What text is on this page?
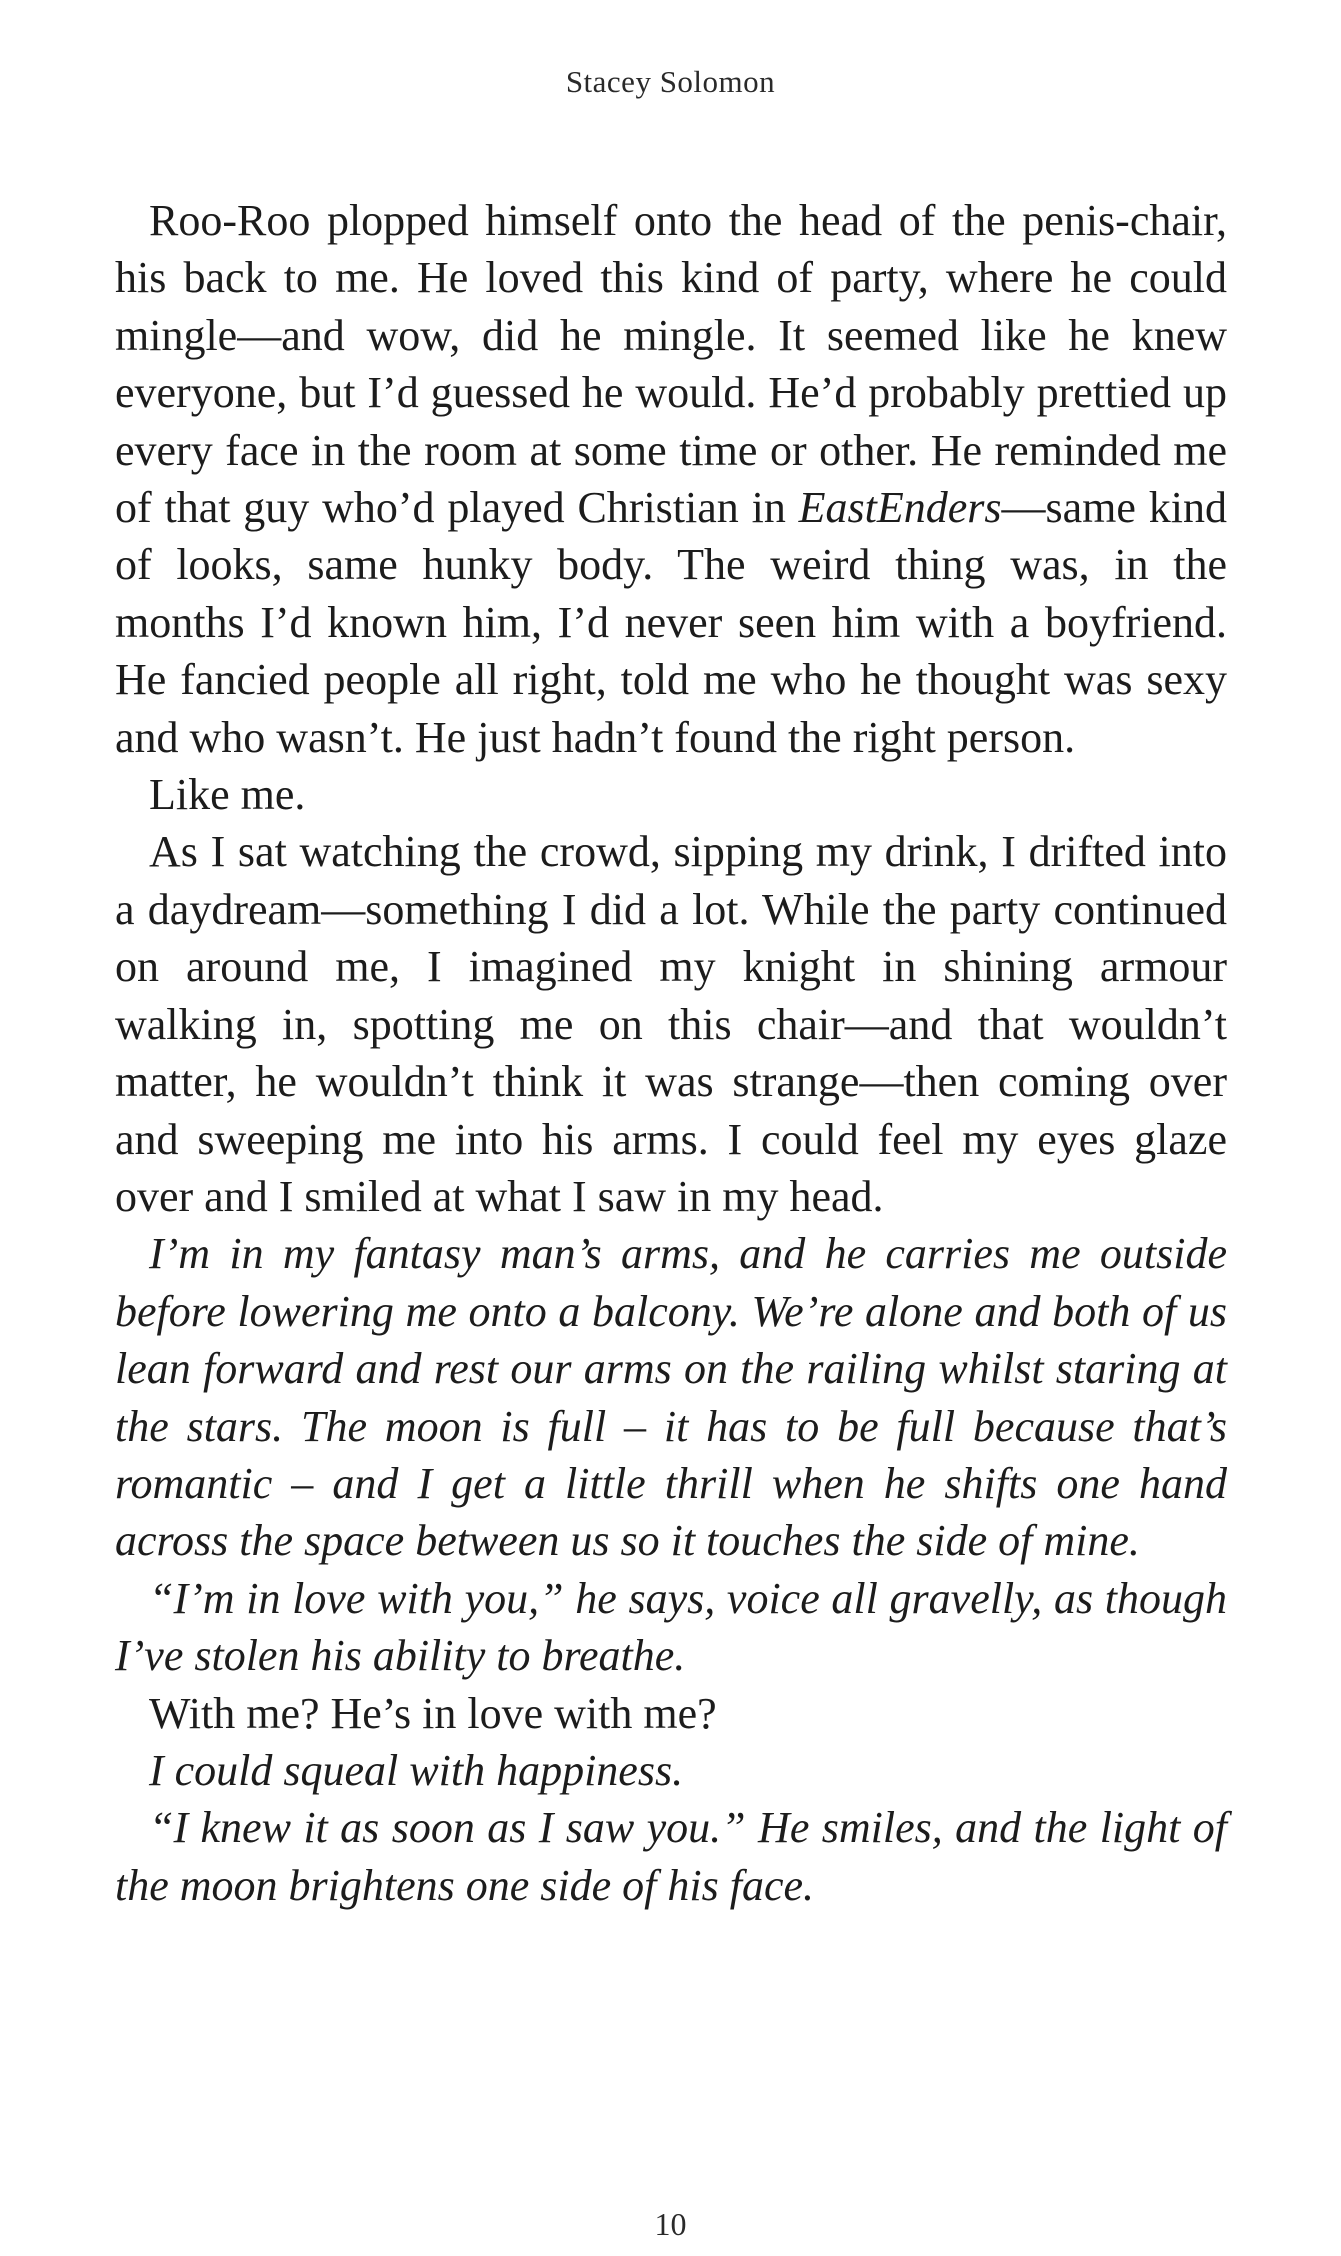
Stacey Solomon

Roo-Roo plopped himself onto the head of the penis-chair, his back to me. He loved this kind of party, where he could mingle—and wow, did he mingle. It seemed like he knew everyone, but I’d guessed he would. He’d probably prettied up every face in the room at some time or other. He reminded me of that guy who’d played Christian in EastEnders—same kind of looks, same hunky body. The weird thing was, in the months I’d known him, I’d never seen him with a boyfriend. He fancied people all right, told me who he thought was sexy and who wasn’t. He just hadn’t found the right person.

Like me.

As I sat watching the crowd, sipping my drink, I drifted into a daydream—something I did a lot. While the party continued on around me, I imagined my knight in shining armour walking in, spotting me on this chair—and that wouldn’t matter, he wouldn’t think it was strange—then coming over and sweeping me into his arms. I could feel my eyes glaze over and I smiled at what I saw in my head.

I’m in my fantasy man’s arms, and he carries me outside before lowering me onto a balcony. We’re alone and both of us lean forward and rest our arms on the railing whilst staring at the stars. The moon is full – it has to be full because that’s romantic – and I get a little thrill when he shifts one hand across the space between us so it touches the side of mine.

“I’m in love with you,” he says, voice all gravelly, as though I’ve stolen his ability to breathe.

With me? He’s in love with me?

I could squeal with happiness.

“I knew it as soon as I saw you.” He smiles, and the light of the moon brightens one side of his face.

10
